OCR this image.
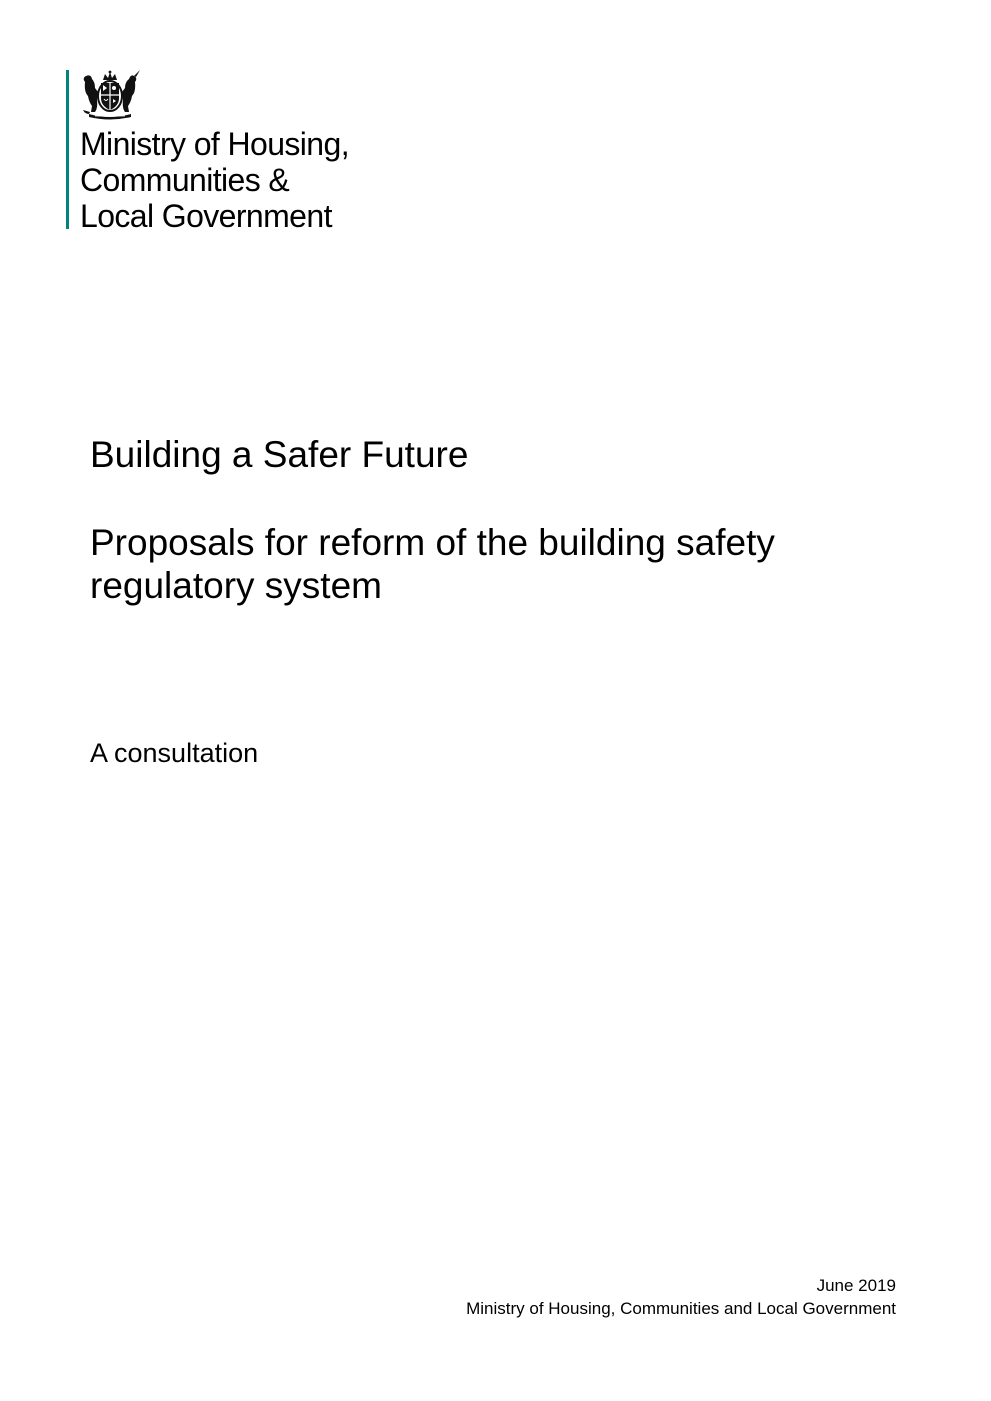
Ministry of Housing,
Communities &
Local Government
Building a Safer Future
Proposals for reform of the building safety
regulatory system
A consultation
June 2019
Ministry of Housing, Communities and Local Government
